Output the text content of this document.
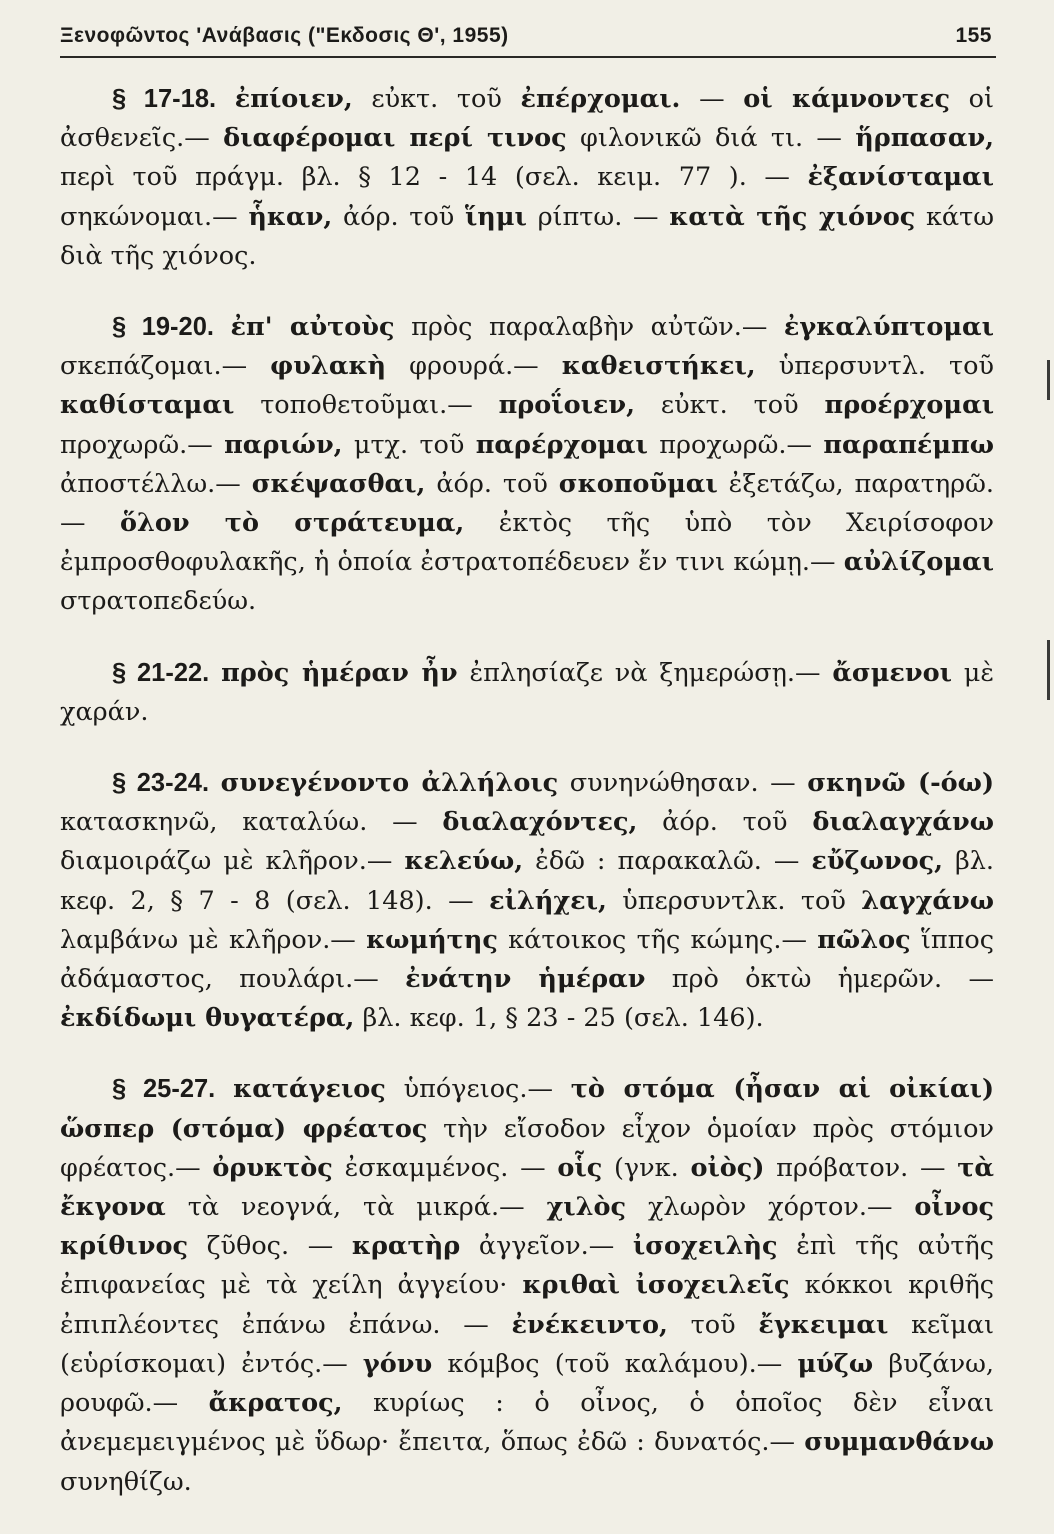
Ξενοφῶντος 'Ανάβασις ("Εκδοσις Θ', 1955)	155

§ 17-18. ἐπίοιεν, εὐκτ. τοῦ ἐπέρχομαι. — οἱ κάμνοντες οἱ ἀσθενεῖς.— διαφέρομαι περί τινος φιλονικῶ διά τι. — ἥρπασαν, περὶ τοῦ πράγμ. βλ. § 12 - 14 (σελ. κειμ. 77 ). — ἐξανίσταμαι σηκώνομαι.— ἧκαν, ἀόρ. τοῦ ἵημι ρίπτω. — κατὰ τῆς χιόνος κάτω διὰ τῆς χιόνος.

§ 19-20. ἐπ' αὐτοὺς πρὸς παραλαβὴν αὐτῶν.— ἐγκαλύπτομαι σκεπάζομαι.— φυλακὴ φρουρά.— καθειστήκει, ὑπερσυντλ. τοῦ καθίσταμαι τοποθετοῦμαι.— προΐοιεν, εὐκτ. τοῦ προέρχομαι προχωρῶ.— παριών, μτχ. τοῦ παρέρχομαι προχωρῶ.— παραπέμπω ἀποστέλλω.— σκέψασθαι, ἀόρ. τοῦ σκοποῦμαι ἐξετάζω, παρατηρῶ.— ὅλον τὸ στράτευμα, ἐκτὸς τῆς ὑπὸ τὸν Χειρίσοφον ἐμπροσθοφυλακῆς, ἡ ὁποία ἐστρατοπέδευεν ἔν τινι κώμῃ.— αὐλίζομαι στρατοπεδεύω.

§ 21-22. πρὸς ἡμέραν ἦν ἐπλησίαζε νὰ ξημερώσῃ.— ἄσμενοι μὲ χαράν.

§ 23-24. συνεγένοντο ἀλλήλοις συνηνώθησαν. — σκηνῶ (-όω) κατασκηνῶ, καταλύω. — διαλαχόντες, ἀόρ. τοῦ διαλαγχάνω διαμοιράζω μὲ κλῆρον.— κελεύω, ἐδῶ : παρακαλῶ. — εὔζωνος, βλ. κεφ. 2, § 7 - 8 (σελ. 148). — εἰλήχει, ὑπερσυντλκ. τοῦ λαγχάνω λαμβάνω μὲ κλῆρον.— κωμήτης κάτοικος τῆς κώμης.— πῶλος ἵππος ἀδάμαστος, πουλάρι.— ἐνάτην ἡμέραν πρὸ ὀκτὼ ἡμερῶν. — ἐκδίδωμι θυγατέρα, βλ. κεφ. 1, § 23 - 25 (σελ. 146).

§ 25-27. κατάγειος ὑπόγειος.— τὸ στόμα (ἦσαν αἱ οἰκίαι) ὥσπερ (στόμα) φρέατος τὴν εἴσοδον εἶχον ὁμοίαν πρὸς στόμιον φρέατος.— ὀρυκτὸς ἐσκαμμένος. — οἷς (γνκ. οἰὸς) πρόβατον. — τὰ ἔκγονα τὰ νεογνά, τὰ μικρά.— χιλὸς χλωρὸν χόρτον.— οἶνος κρίθινος ζῦθος. — κρατὴρ ἀγγεῖον.— ἰσοχειλὴς ἐπὶ τῆς αὐτῆς ἐπιφανείας μὲ τὰ χείλη ἀγγείου· κριθαὶ ἰσοχειλεῖς κόκκοι κριθῆς ἐπιπλέοντες ἐπάνω ἐπάνω. — ἐνέκειντο, τοῦ ἔγκειμαι κεῖμαι (εὑρίσκομαι) ἐντός.— γόνυ κόμβος (τοῦ καλάμου).— μύζω βυζάνω, ρουφῶ.— ἄκρατος, κυρίως : ὁ οἶνος, ὁ ὁποῖος δὲν εἶναι ἀνεμεμειγμένος μὲ ὕδωρ· ἔπειτα, ὅπως ἐδῶ : δυνατός.— συμμανθάνω συνηθίζω.
